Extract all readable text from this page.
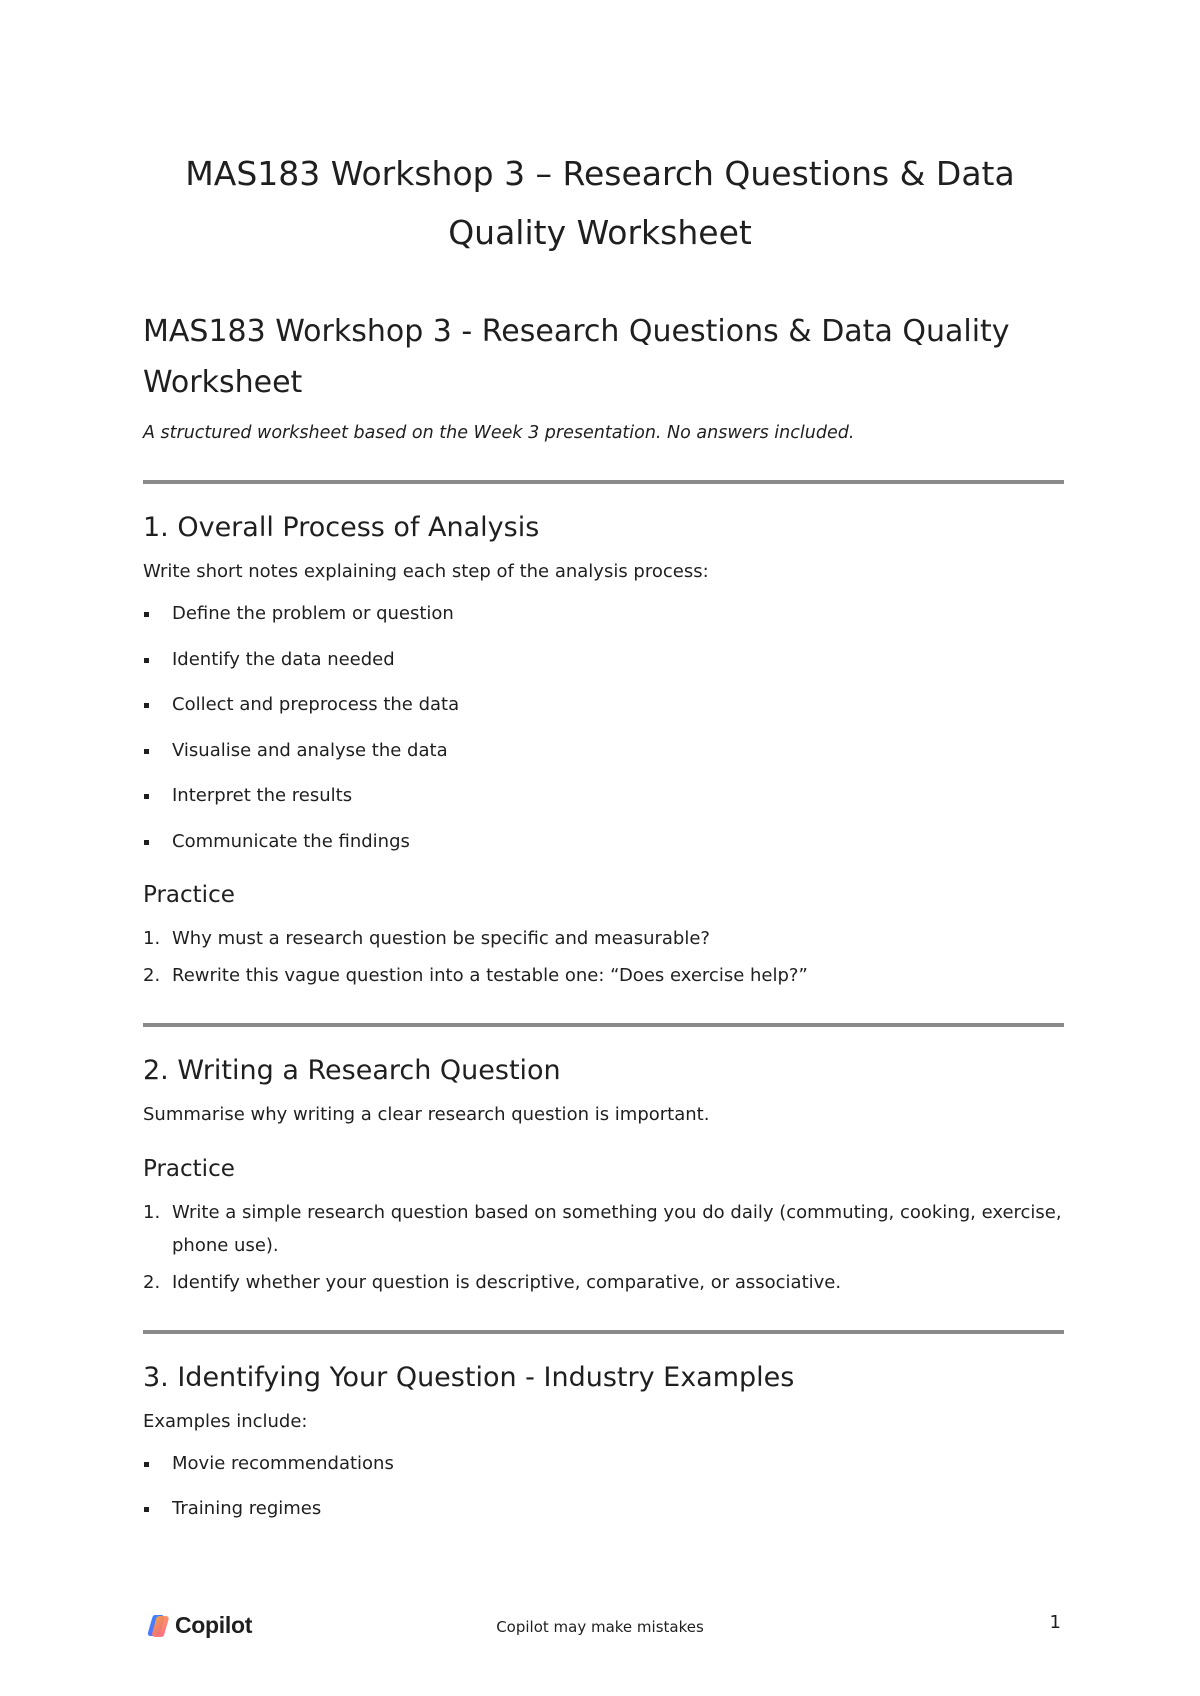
MAS183 Workshop 3 – Research Questions & Data Quality Worksheet
MAS183 Workshop 3 - Research Questions & Data Quality Worksheet

A structured worksheet based on the Week 3 presentation. No answers included.

1. Overall Process of Analysis

Write short notes explaining each step of the analysis process:

Define the problem or question
Identify the data needed
Collect and preprocess the data
Visualise and analyse the data
Interpret the results
Communicate the findings
Practice
1. Why must a research question be specific and measurable?
2. Rewrite this vague question into a testable one: “Does exercise help?”
2. Writing a Research Question

Summarise why writing a clear research question is important.

Practice
1. Write a simple research question based on something you do daily (commuting, cooking, exercise, phone use).
2. Identify whether your question is descriptive, comparative, or associative.
3. Identifying Your Question - Industry Examples

Examples include:

Movie recommendations
Training regimes
Copilot	Copilot may make mistakes	1
